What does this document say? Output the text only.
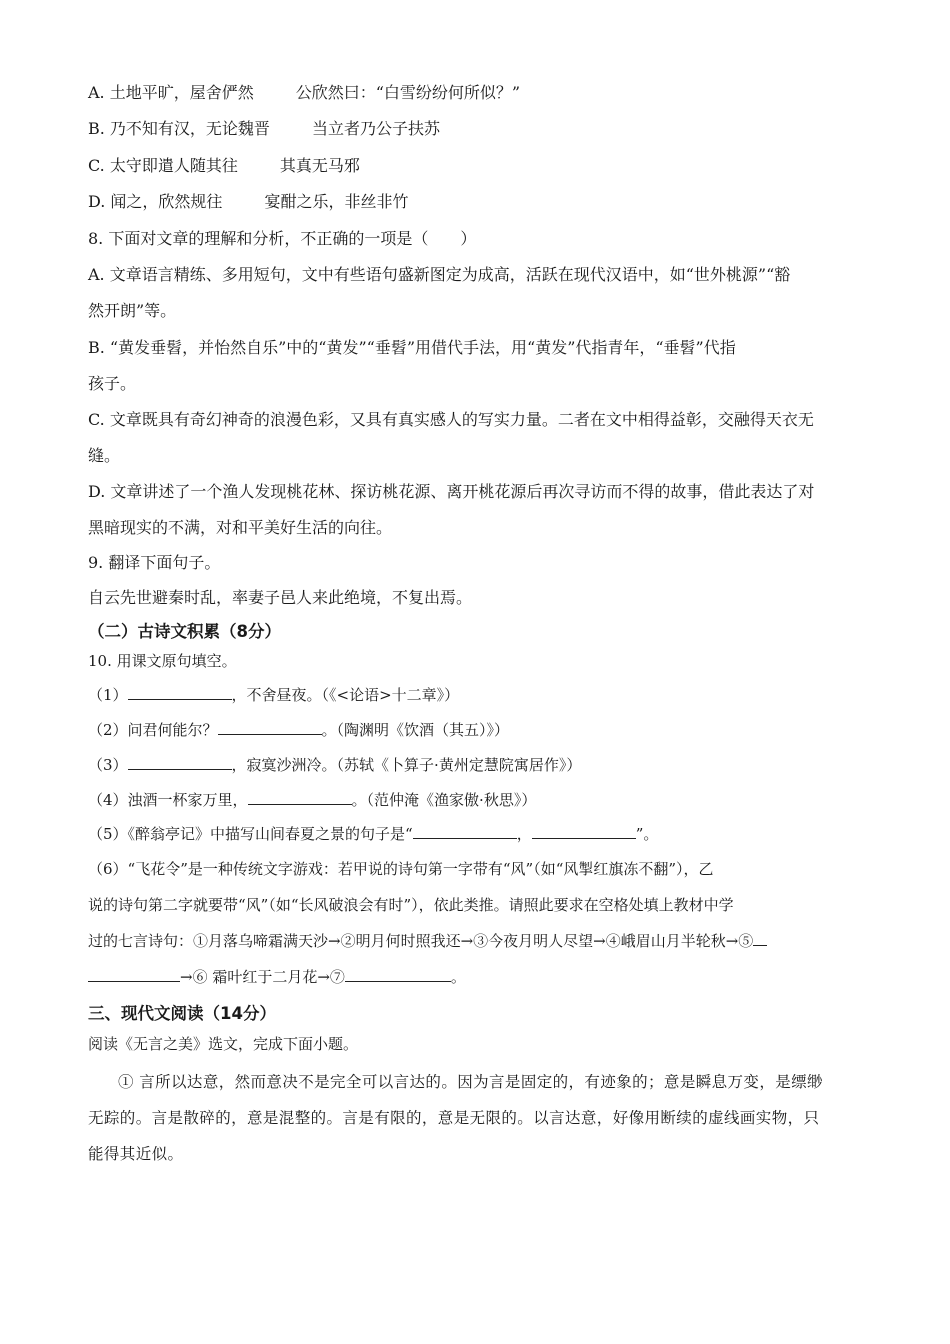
A. 土地平旷，屋舍俨然	公欣然曰：“白雪纷纷何所似？”
B. 乃不知有汉，无论魏晋	当立者乃公子扶苏
C. 太守即遣人随其往	其真无马邪
D. 闻之，欣然规往	宴酣之乐，非丝非竹
8. 下面对文章的理解和分析，不正确的一项是（　　）
A. 文章语言精练、多用短句，文中有些语句盛新图定为成高，活跃在现代汉语中，如“世外桃源”“豁
然开朗”等。
B. “黄发垂髫，并怡然自乐”中的“黄发”“垂髫”用借代手法，用“黄发”代指青年，“垂髫”代指
孩子。
C. 文章既具有奇幻神奇的浪漫色彩，又具有真实感人的写实力量。二者在文中相得益彰，交融得天衣无
缝。
D. 文章讲述了一个渔人发现桃花林、探访桃花源、离开桃花源后再次寻访而不得的故事，借此表达了对
黑暗现实的不满，对和平美好生活的向往。
9. 翻译下面句子。
自云先世避秦时乱，率妻子邑人来此绝境，不复出焉。
（二）古诗文积累（8分）
10. 用课文原句填空。
（1）	，不舍昼夜。（《<论语>十二章》）
（2）问君何能尔？	。（陶渊明《饮酒（其五）》）
（3）	，寂寞沙洲冷。（苏轼《卜算子·黄州定慧院寓居作》）
（4）浊酒一杯家万里，	。（范仲淹《渔家傲·秋思》）
（5）《醉翁亭记》中描写山间春夏之景的句子是“	，	”。
（6）“飞花令”是一种传统文字游戏：若甲说的诗句第一字带有“风”（如“风掣红旗冻不翻”），乙
说的诗句第二字就要带“风”（如“长风破浪会有时”），依此类推。请照此要求在空格处填上教材中学
过的七言诗句：①月落乌啼霜满天沙→②明月何时照我还→③今夜月明人尽望→④峨眉山月半轮秋→⑤
→⑥ 霜叶红于二月花→⑦	。
三、现代文阅读（14分）
阅读《无言之美》选文，完成下面小题。
① 言所以达意，然而意决不是完全可以言达的。因为言是固定的，有迹象的；意是瞬息万变，是缥缈
无踪的。言是散碎的，意是混整的。言是有限的，意是无限的。以言达意，好像用断续的虚线画实物，只
能得其近似。
